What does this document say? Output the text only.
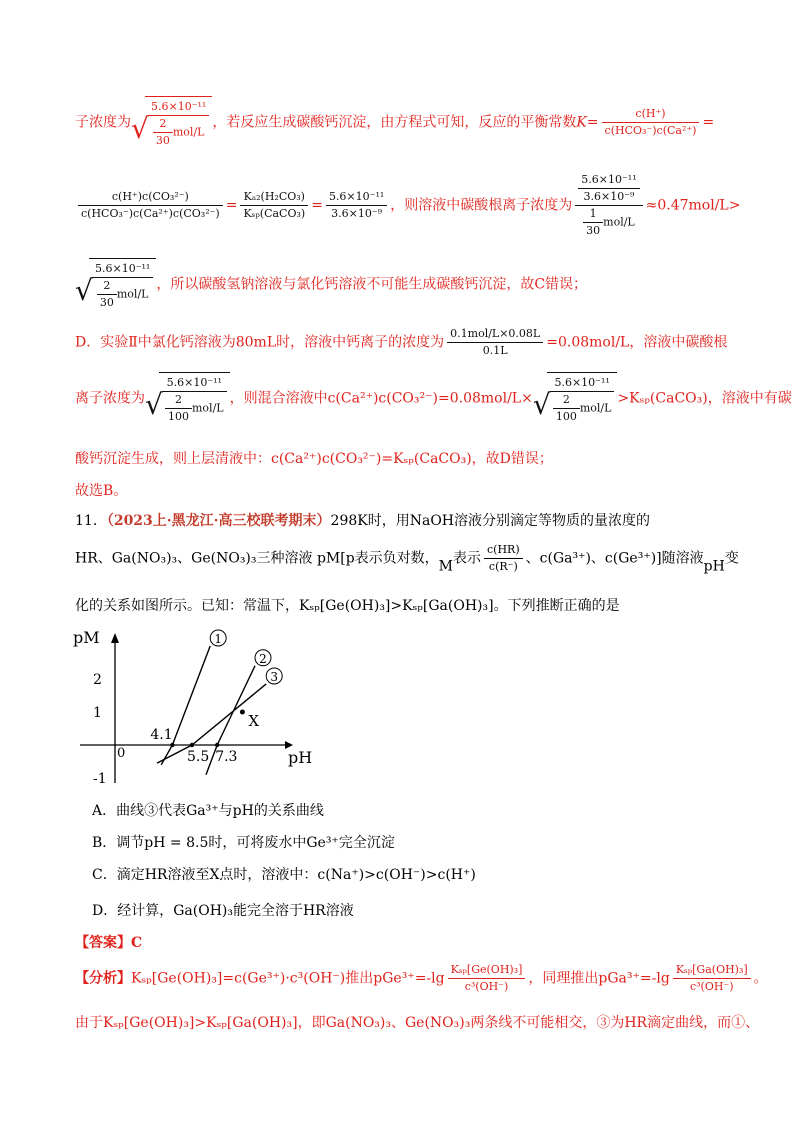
子浓度为 √ $\frac{\text{5.6×10⁻¹¹}}{\frac{2}{30} mol/L}$ ，若反应生成碳酸钙沉淀，由方程式可知，反应的平衡常数$K= \frac{c(H^+)}{\text{c(HCO₃⁻)c(Ca²⁺)}}$ =
$\frac{\text{c(H⁺)c(CO₃²⁻)}}{\text{c(HCO₃⁻)c(Ca²⁺)c(CO₃²⁻)}} = \frac{\text{Kₐ₂(H₂CO₃)}}{\text{Kₛₚ(CaCO₃)}} = \frac{\text{5.6×10⁻¹¹}}{\text{3.6×10⁻⁹}}$ ，则溶液中碳酸根离子浓度为 $\frac{\frac{\text{5.6×10⁻¹¹}}{\text{3.6×10⁻⁹}}}{\frac{1}{30} mol/L} \approx 0.47mol/L>$
√ $\frac{\text{5.6×10⁻¹¹}}{\frac{2}{30} mol/L}$ ，所以碳酸氢钠溶液与氯化钙溶液不可能生成碳酸钙沉淀，故C错误；
D．实验Ⅱ中氯化钙溶液为80mL时，溶液中钙离子的浓度为 $\frac{\text{0.1mol/L×0.08L}}{0.1L} =0.08mol/L$，溶液中碳酸根
离子浓度为 √ $\frac{\text{5.6×10⁻¹¹}}{\frac{2}{100} mol/L}$ ，则混合溶液中c(Ca²⁺)c(CO₃²⁻)=0.08mol/L× √ $\frac{\text{5.6×10⁻¹¹}}{\frac{2}{100} mol/L}$ >Kₛₚ(CaCO₃)，溶液中有碳
酸钙沉淀生成，则上层清液中：c(Ca²⁺)c(CO₃²⁻)=Kₛₚ(CaCO₃)，故D错误；
故选B。
11．（2023上·黑龙江·高三校联考期末）298K时，用NaOH溶液分别滴定等物质的量浓度的
HR、Ga(NO₃)₃、Ge(NO₃)₃三种溶液 pM[p表示负对数，M表示 $\frac{c(HR)}{c(R^-)}$ 、c(Ga³⁺)、c(Ge³⁺)]随溶液pH变
化的关系如图所示。已知：常温下，Kₛₚ[Ge(OH)₃]>Kₛₚ[Ga(OH)₃]。下列推断正确的是
pM
pH
0
2
1
-1
1
2
3
4.1
5.5 7.3
X
A．曲线③代表Ga³⁺与pH的关系曲线
B．调节pH = 8.5时，可将废水中Ge³⁺完全沉淀
C．滴定HR溶液至X点时，溶液中：c(Na⁺)>c(OH⁻)>c(H⁺)
D．经计算，Ga(OH)₃能完全溶于HR溶液
【答案】C
【分析】Kₛₚ[Ge(OH)₃]=c(Ge³⁺)·c³(OH⁻)推出$pGe^{3+}=-\lg \frac{\text{Kₛₚ[Ge(OH)₃]}}{\text{c³(OH⁻)}}$ ，同理推出$pGa^{3+}=-\lg \frac{\text{Kₛₚ[Ga(OH)₃]}}{\text{c³(OH⁻)}}$ 。
由于Kₛₚ[Ge(OH)₃]>Kₛₚ[Ga(OH)₃]，即Ga(NO₃)₃、Ge(NO₃)₃两条线不可能相交，③为HR滴定曲线，而①、
